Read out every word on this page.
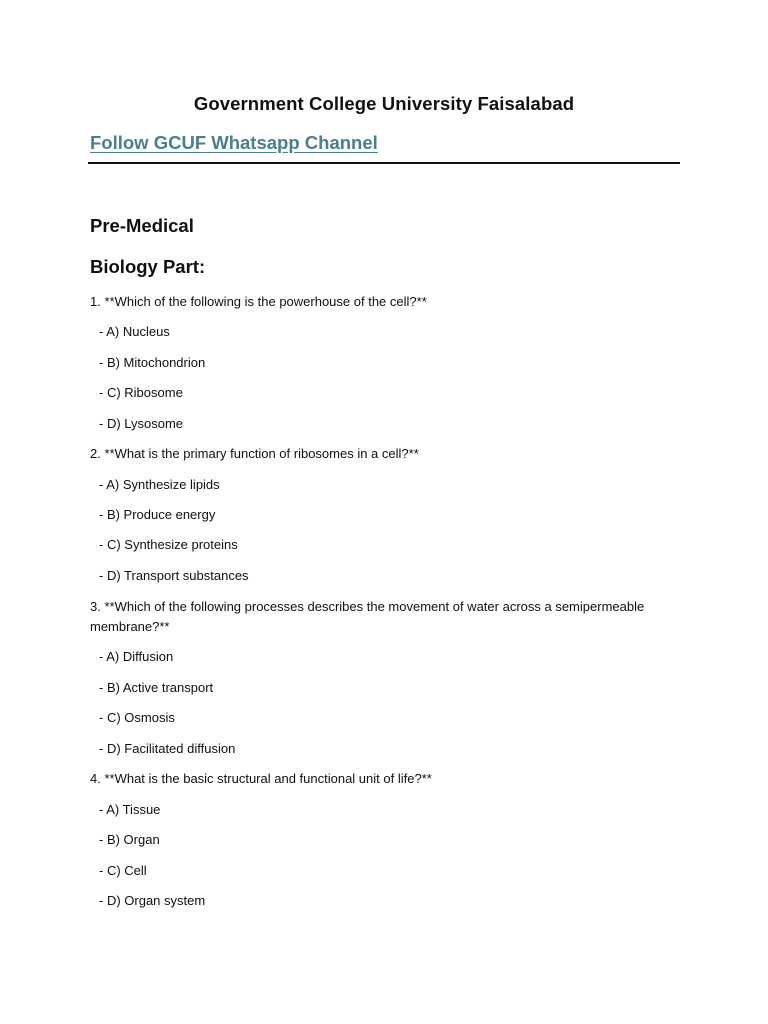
Government College University Faisalabad
Follow GCUF Whatsapp Channel
Pre-Medical
Biology Part:
1. **Which of the following is the powerhouse of the cell?**
- A) Nucleus
- B) Mitochondrion
- C) Ribosome
- D) Lysosome
2. **What is the primary function of ribosomes in a cell?**
- A) Synthesize lipids
- B) Produce energy
- C) Synthesize proteins
- D) Transport substances
3. **Which of the following processes describes the movement of water across a semipermeable membrane?**
- A) Diffusion
- B) Active transport
- C) Osmosis
- D) Facilitated diffusion
4. **What is the basic structural and functional unit of life?**
- A) Tissue
- B) Organ
- C) Cell
- D) Organ system
